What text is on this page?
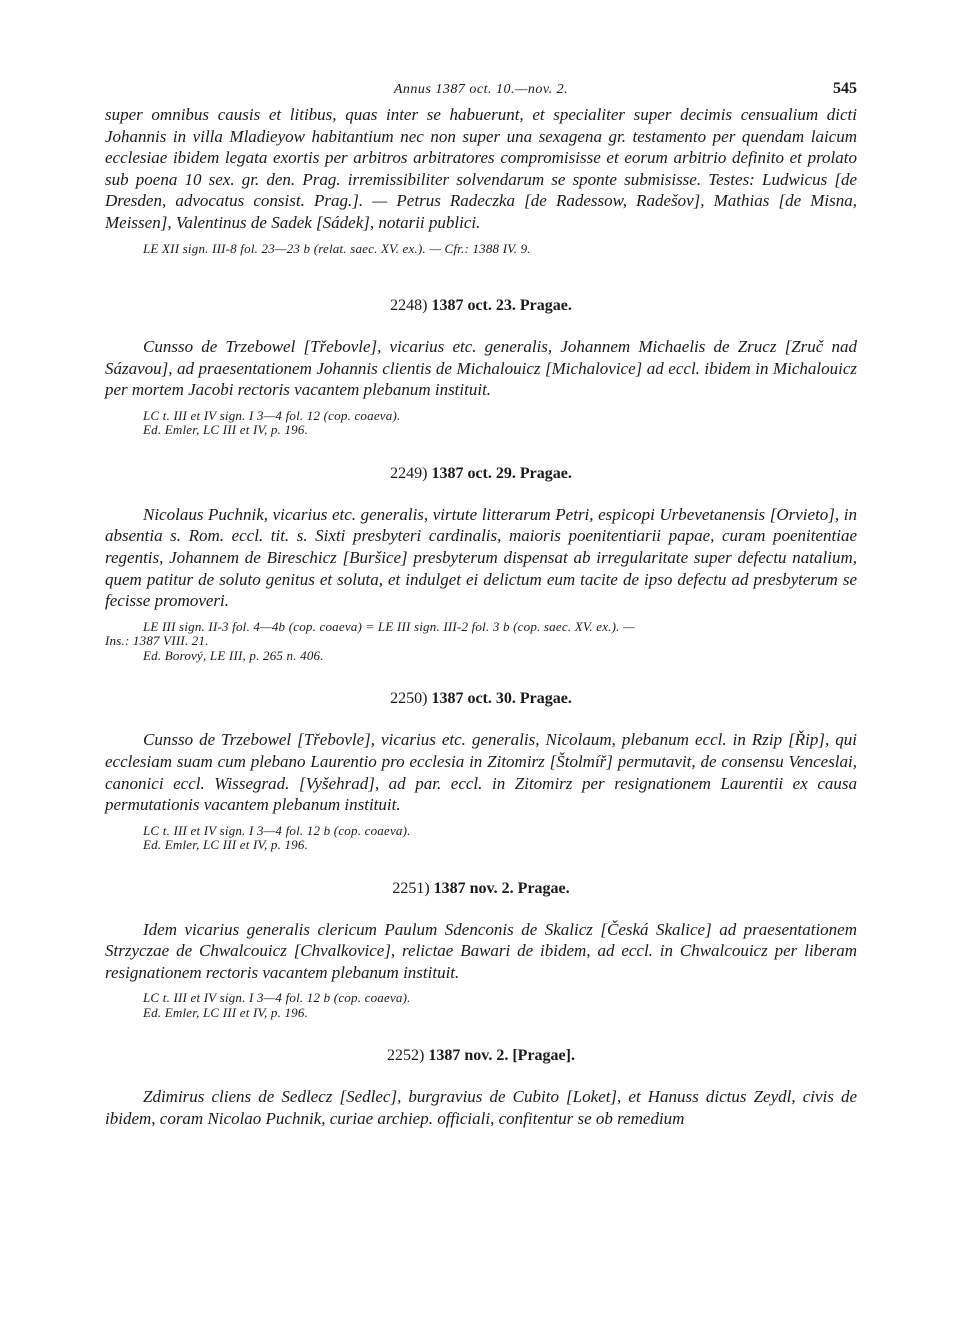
Annus 1387 oct. 10.—nov. 2.	545

super omnibus causis et litibus, quas inter se habuerunt, et specialiter super decimis censualium dicti Johannis in villa Mladieyow habitantium nec non super una sexagena gr. testamento per quendam laicum ecclesiae ibidem legata exortis per arbitros arbitratores compromisisse et eorum arbitrio definito et prolato sub poena 10 sex. gr. den. Prag. irremissibiliter solvendarum se sponte submisisse. Testes: Ludwicus [de Dresden, advocatus consist. Prag.]. — Petrus Radeczka [de Radessow, Radešov], Mathias [de Misna, Meissen], Valentinus de Sadek [Sádek], notarii publici.

LE XII sign. III-8 fol. 23—23 b (relat. saec. XV. ex.). — Cfr.: 1388 IV. 9.

2248) 1387 oct. 23. Pragae.

Cunsso de Trzebowel [Třebovle], vicarius etc. generalis, Johannem Michaelis de Zrucz [Zruč nad Sázavou], ad praesentationem Johannis clientis de Michalouicz [Michalovice] ad eccl. ibidem in Michalouicz per mortem Jacobi rectoris vacantem plebanum instituit.

LC t. III et IV sign. I 3—4 fol. 12 (cop. coaeva).
Ed. Emler, LC III et IV, p. 196.

2249) 1387 oct. 29. Pragae.

Nicolaus Puchnik, vicarius etc. generalis, virtute litterarum Petri, espicopi Urbevetanensis [Orvieto], in absentia s. Rom. eccl. tit. s. Sixti presbyteri cardinalis, maioris poenitentiarii papae, curam poenitentiae regentis, Johannem de Bireschicz [Buršice] presbyterum dispensat ab irregularitate super defectu natalium, quem patitur de soluto genitus et soluta, et indulget ei delictum eum tacite de ipso defectu ad presbyterum se fecisse promoveri.

LE III sign. II-3 fol. 4—4b (cop. coaeva) = LE III sign. III-2 fol. 3 b (cop. saec. XV. ex.). —
Ins.: 1387 VIII. 21.
Ed. Borový, LE III, p. 265 n. 406.

2250) 1387 oct. 30. Pragae.

Cunsso de Trzebowel [Třebovle], vicarius etc. generalis, Nicolaum, plebanum eccl. in Rzip [Řip], qui ecclesiam suam cum plebano Laurentio pro ecclesia in Zitomirz [Štolmíř] permutavit, de consensu Venceslai, canonici eccl. Wissegrad. [Vyšehrad], ad par. eccl. in Zitomirz per resignationem Laurentii ex causa permutationis vacantem plebanum instituit.

LC t. III et IV sign. I 3—4 fol. 12 b (cop. coaeva).
Ed. Emler, LC III et IV, p. 196.

2251) 1387 nov. 2. Pragae.

Idem vicarius generalis clericum Paulum Sdenconis de Skalicz [Česká Skalice] ad praesentationem Strzyczae de Chwalcouicz [Chvalkovice], relictae Bawari de ibidem, ad eccl. in Chwalcouicz per liberam resignationem rectoris vacantem plebanum instituit.

LC t. III et IV sign. I 3—4 fol. 12 b (cop. coaeva).
Ed. Emler, LC III et IV, p. 196.

2252) 1387 nov. 2. [Pragae].

Zdimirus cliens de Sedlecz [Sedlec], burgravius de Cubito [Loket], et Hanuss dictus Zeydl, civis de ibidem, coram Nicolao Puchnik, curiae archiep. officiali, confitentur se ob remedium
